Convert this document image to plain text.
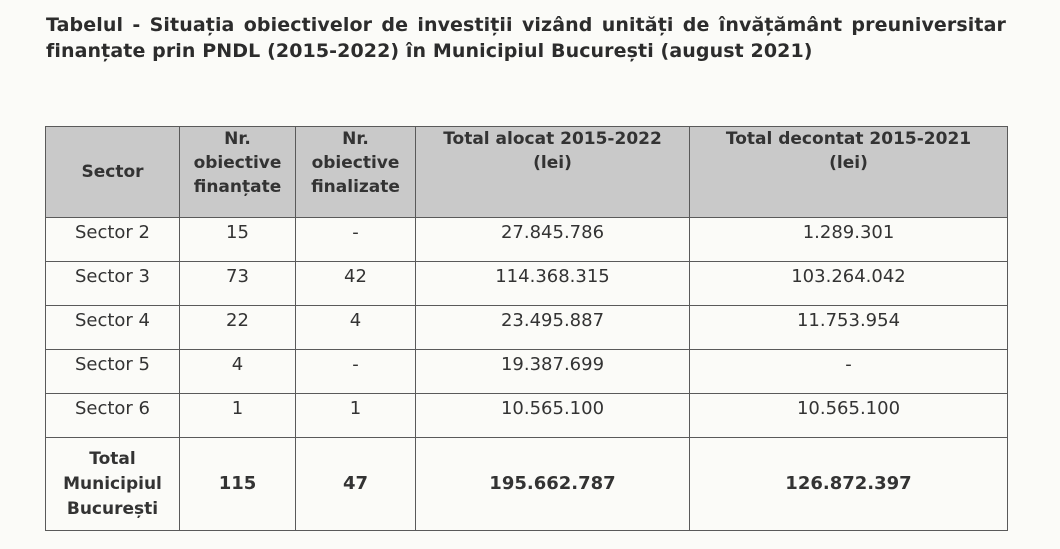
Tabelul - Situația obiectivelor de investiții vizând unități de învățământ preuniversitar finanțate prin PNDL (2015-2022) în Municipiul București (august 2021)

Sector	Nr.
obiective
finanțate	Nr.
obiective
finalizate	Total alocat 2015-2022
(lei)	Total decontat 2015-2021
(lei)
Sector 2	15	-	27.845.786	1.289.301
Sector 3	73	42	114.368.315	103.264.042
Sector 4	22	4	23.495.887	11.753.954
Sector 5	4	-	19.387.699	-
Sector 6	1	1	10.565.100	10.565.100
Total
Municipiul
București	115	47	195.662.787	126.872.397
